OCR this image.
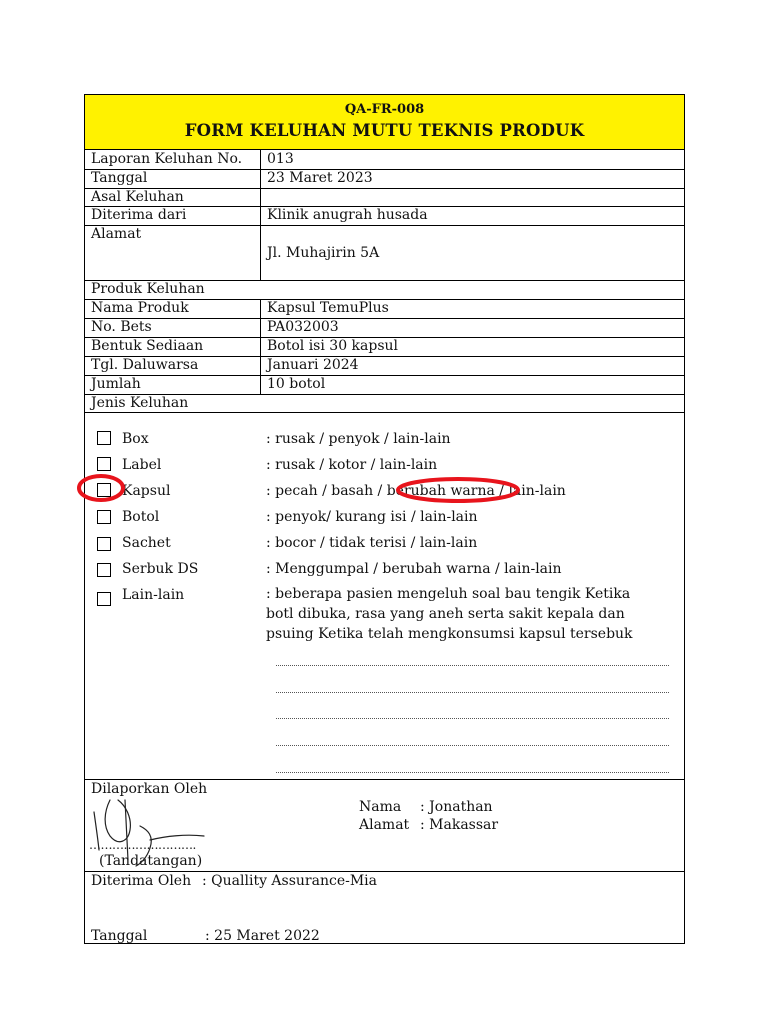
QA-FR-008
FORM KELUHAN MUTU TEKNIS PRODUK
Laporan Keluhan No. 013
Tanggal	23 Maret 2023
Asal Keluhan
Diterima dari	Klinik anugrah husada
Alamat
Jl. Muhajirin 5A
Produk Keluhan
Nama Produk	Kapsul TemuPlus
No. Bets	PA032003
Bentuk Sediaan	Botol isi 30 kapsul
Tgl. Daluwarsa	Januari 2024
Jumlah	10 botol
Jenis Keluhan
Box	: rusak / penyok / lain-lain
Label	: rusak / kotor / lain-lain
Kapsul	: pecah / basah / berubah warna / lain-lain
Botol	: penyok/ kurang isi / lain-lain
Sachet	: bocor / tidak terisi / lain-lain
Serbuk DS	: Menggumpal / berubah warna / lain-lain
Lain-lain	: beberapa pasien mengeluh soal bau tengik Ketika botl dibuka, rasa yang aneh serta sakit kepala dan psuing Ketika telah mengkonsumsi kapsul tersebuk
Dilaporkan Oleh
Nama : Jonathan
Alamat : Makassar
……………………….
(Tandatangan)
Diterima Oleh : Quallity Assurance-Mia
Tanggal	: 25 Maret 2022
